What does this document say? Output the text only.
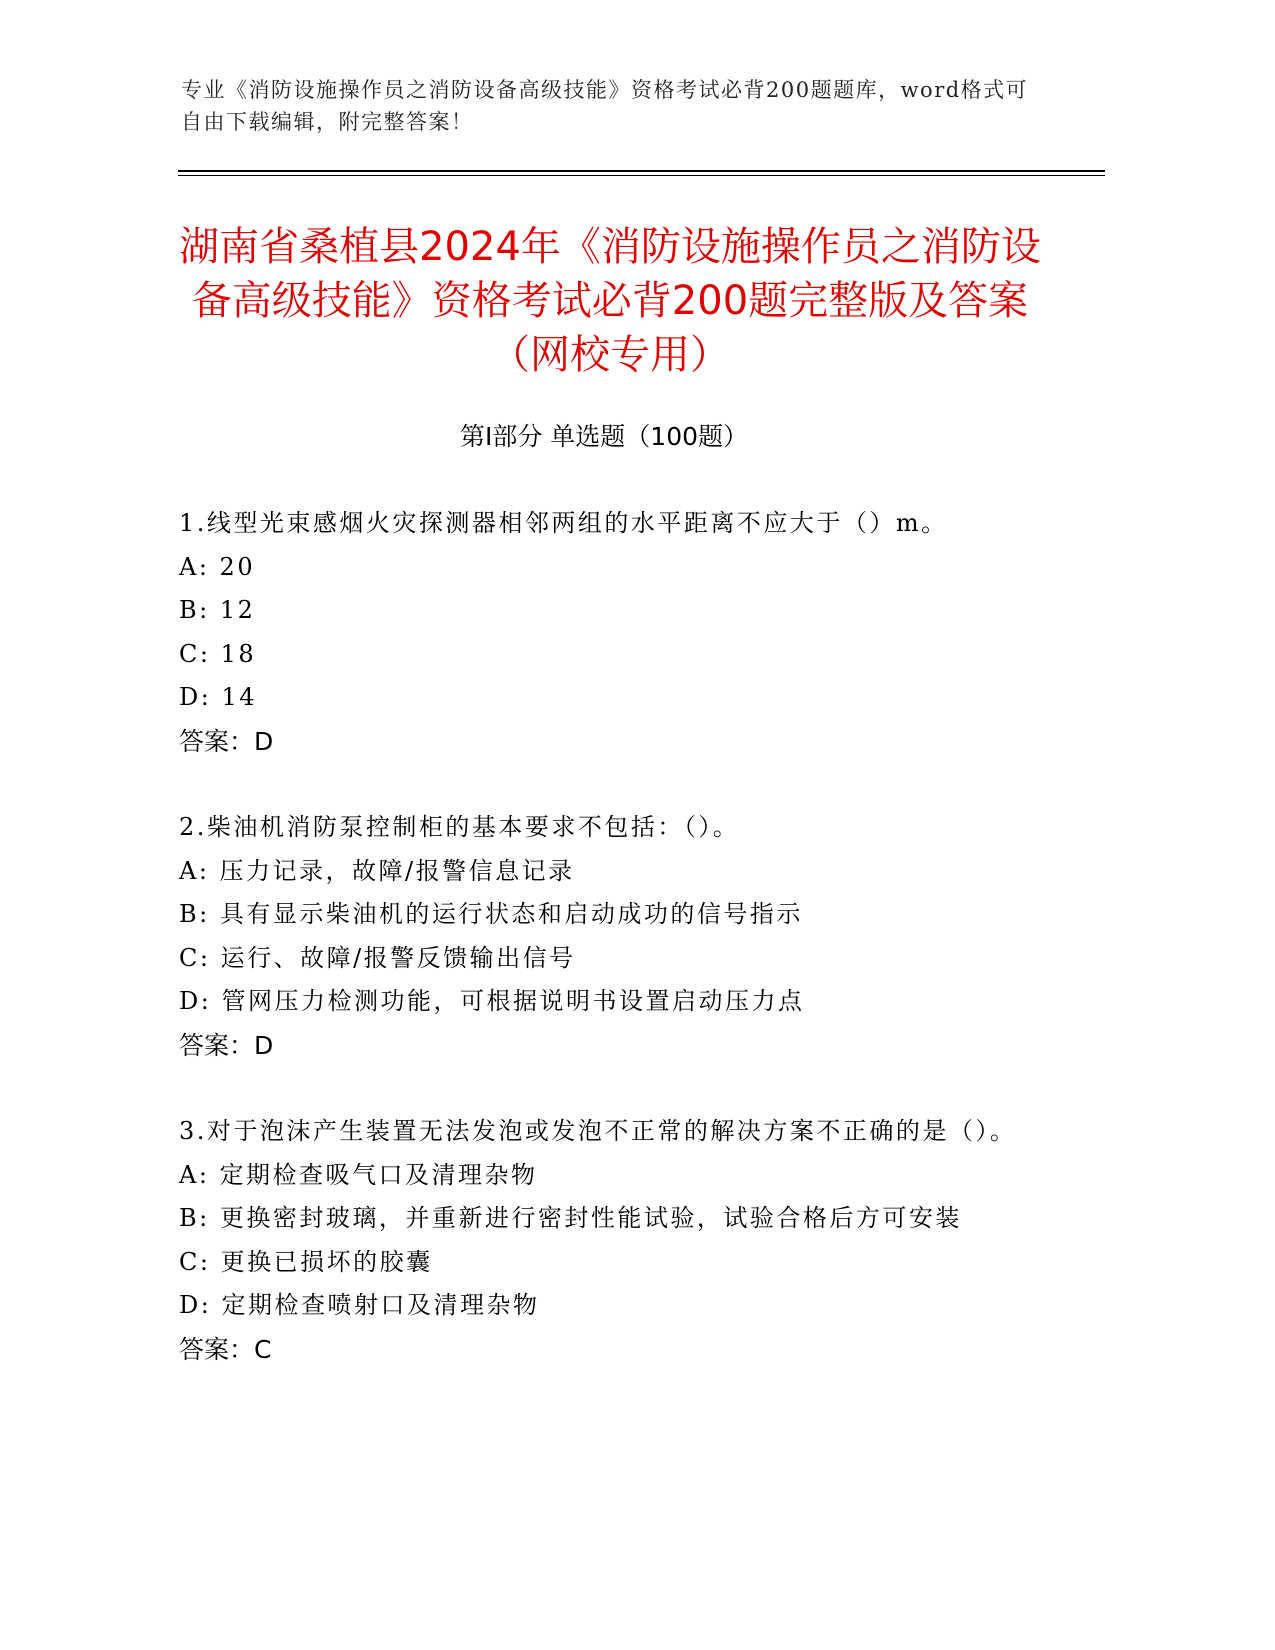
专业《消防设施操作员之消防设备高级技能》资格考试必背200题题库，word格式可自由下载编辑，附完整答案！
湖南省桑植县2024年《消防设施操作员之消防设备高级技能》资格考试必背200题完整版及答案（网校专用）
第I部分 单选题（100题）
1.线型光束感烟火灾探测器相邻两组的水平距离不应大于（）m。
A: 20
B: 12
C: 18
D: 14
答案：D
2.柴油机消防泵控制柜的基本要求不包括：（）。
A: 压力记录，故障/报警信息记录
B: 具有显示柴油机的运行状态和启动成功的信号指示
C: 运行、故障/报警反馈输出信号
D: 管网压力检测功能，可根据说明书设置启动压力点
答案：D
3.对于泡沫产生装置无法发泡或发泡不正常的解决方案不正确的是（）。
A: 定期检查吸气口及清理杂物
B: 更换密封玻璃，并重新进行密封性能试验，试验合格后方可安装
C: 更换已损坏的胶囊
D: 定期检查喷射口及清理杂物
答案：C
